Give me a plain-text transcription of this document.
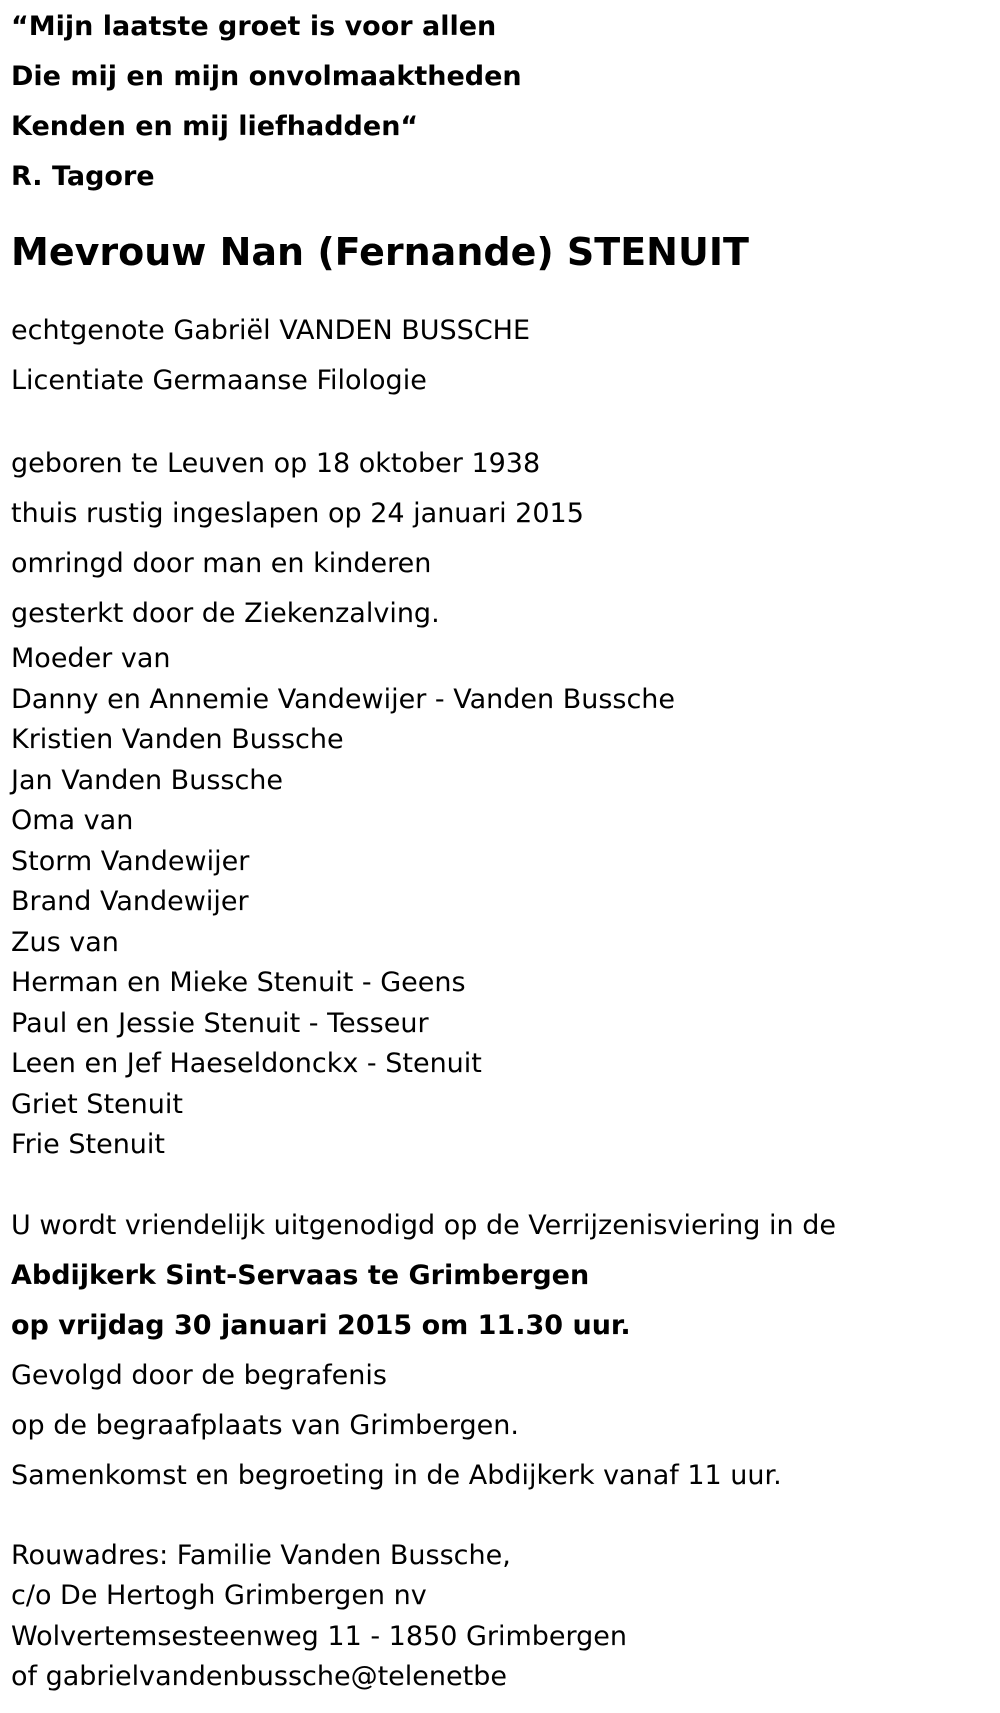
“Mijn laatste groet is voor allen
Die mij en mijn onvolmaaktheden
Kenden en mij liefhadden“
R. Tagore
Mevrouw Nan (Fernande) STENUIT
echtgenote Gabriël VANDEN BUSSCHE
Licentiate Germaanse Filologie
geboren te Leuven op 18 oktober 1938
thuis rustig ingeslapen op 24 januari 2015
omringd door man en kinderen
gesterkt door de Ziekenzalving.
Moeder van
Danny en Annemie Vandewijer - Vanden Bussche
Kristien Vanden Bussche
Jan Vanden Bussche
Oma van
Storm Vandewijer
Brand Vandewijer
Zus van
Herman en Mieke Stenuit - Geens
Paul en Jessie Stenuit - Tesseur
Leen en Jef Haeseldonckx - Stenuit
Griet Stenuit
Frie Stenuit
U wordt vriendelijk uitgenodigd op de Verrijzenisviering in de
Abdijkerk Sint-Servaas te Grimbergen
op vrijdag 30 januari 2015 om 11.30 uur.
Gevolgd door de begrafenis
op de begraafplaats van Grimbergen.
Samenkomst en begroeting in de Abdijkerk vanaf 11 uur.
Rouwadres: Familie Vanden Bussche,
c/o De Hertogh Grimbergen nv
Wolvertemsesteenweg 11 - 1850 Grimbergen
of gabrielvandenbussche@telenetbe
